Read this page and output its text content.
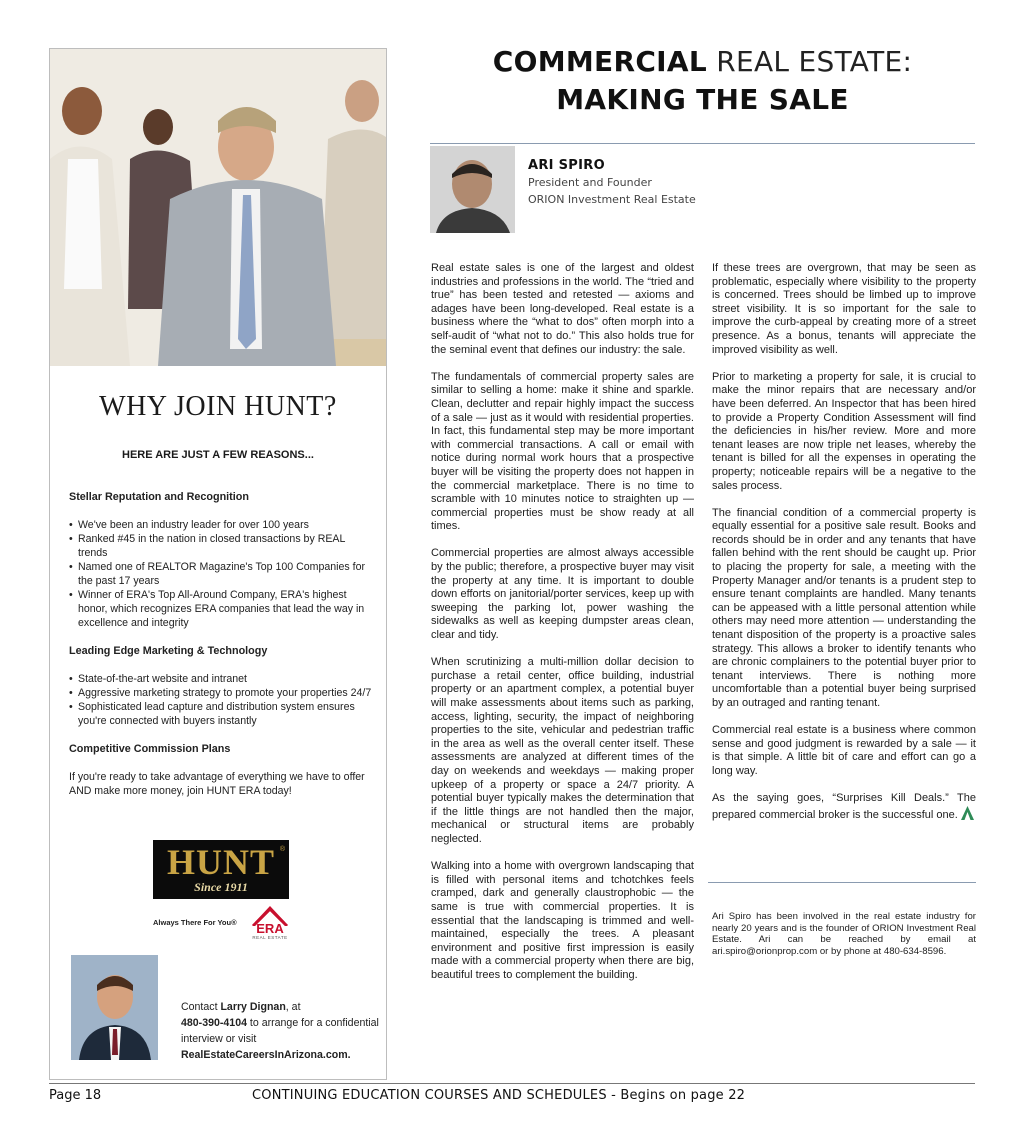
WHY JOIN HUNT?
HERE ARE JUST A FEW REASONS...
Stellar Reputation and Recognition
• We've been an industry leader for over 100 years
• Ranked #45 in the nation in closed transactions by REAL trends
• Named one of REALTOR Magazine's Top 100 Companies for the past 17 years
• Winner of ERA's Top All-Around Company, ERA's highest honor, which recognizes ERA companies that lead the way in excellence and integrity
Leading Edge Marketing & Technology
• State-of-the-art website and intranet
• Aggressive marketing strategy to promote your properties 24/7
• Sophisticated lead capture and distribution system ensures you're connected with buyers instantly
Competitive Commission Plans
If you're ready to take advantage of everything we have to offer AND make more money, join HUNT ERA today!
®
HUNT
Since 1911
Always There For You®	ERA
REAL ESTATE
Contact Larry Dignan, at
480-390-4104 to arrange for a confidential interview or visit
RealEstateCareersInArizona.com.
COMMERCIAL REAL ESTATE:
MAKING THE SALE
ARI SPIRO
President and Founder
ORION Investment Real Estate

Real estate sales is one of the largest and oldest industries and professions in the world. The “tried and true” has been tested and retested — axioms and adages have been long-developed. Real estate is a business where the “what to dos” often morph into a self-audit of “what not to do.” This also holds true for the seminal event that defines our industry: the sale.

The fundamentals of commercial property sales are similar to selling a home: make it shine and sparkle. Clean, declutter and repair highly impact the success of a sale — just as it would with residential properties. In fact, this fundamental step may be more important with commercial transactions. A call or email with notice during normal work hours that a prospective buyer will be visiting the property does not happen in the commercial marketplace. There is no time to scramble with 10 minutes notice to straighten up — commercial properties must be show ready at all times.

Commercial properties are almost always accessible by the public; therefore, a prospective buyer may visit the property at any time. It is important to double down efforts on janitorial/porter services, keep up with sweeping the parking lot, power washing the sidewalks as well as keeping dumpster areas clean, clear and tidy.

When scrutinizing a multi-million dollar decision to purchase a retail center, office building, industrial property or an apartment complex, a potential buyer will make assessments about items such as parking, access, lighting, security, the impact of neighboring properties to the site, vehicular and pedestrian traffic in the area as well as the overall center itself. These assessments are analyzed at different times of the day on weekends and weekdays — making proper upkeep of a property or space a 24/7 priority. A potential buyer typically makes the determination that if the little things are not handled then the major, mechanical or structural items are probably neglected.

Walking into a home with overgrown landscaping that is filled with personal items and tchotchkes feels cramped, dark and generally claustrophobic — the same is true with commercial properties. It is essential that the landscaping is trimmed and well-maintained, especially the trees. A pleasant environment and positive first impression is easily made with a commercial property when there are big, beautiful trees to complement the building.

If these trees are overgrown, that may be seen as problematic, especially where visibility to the property is concerned. Trees should be limbed up to improve street visibility. It is so important for the sale to improve the curb-appeal by creating more of a street presence. As a bonus, tenants will appreciate the improved visibility as well.

Prior to marketing a property for sale, it is crucial to make the minor repairs that are necessary and/or have been deferred. An Inspector that has been hired to provide a Property Condition Assessment will find the deficiencies in his/her review. More and more tenant leases are now triple net leases, whereby the tenant is billed for all the expenses in operating the property; noticeable repairs will be a negative to the sales process.

The financial condition of a commercial property is equally essential for a positive sale result. Books and records should be in order and any tenants that have fallen behind with the rent should be caught up. Prior to placing the property for sale, a meeting with the Property Manager and/or tenants is a prudent step to ensure tenant complaints are handled. Many tenants can be appeased with a little personal attention while others may need more attention — understanding the tenant disposition of the property is a proactive sales strategy. This allows a broker to identify tenants who are chronic complainers to the potential buyer prior to tenant interviews. There is nothing more uncomfortable than a potential buyer being surprised by an outraged and ranting tenant.

Commercial real estate is a business where common sense and good judgment is rewarded by a sale — it is that simple. A little bit of care and effort can go a long way.

As the saying goes, “Surprises Kill Deals.” The prepared commercial broker is the successful one.

Ari Spiro has been involved in the real estate industry for nearly 20 years and is the founder of ORION Investment Real Estate. Ari can be reached by email at ari.spiro@orionprop.com or by phone at 480-634-8596.
Page 18	CONTINUING EDUCATION COURSES AND SCHEDULES - Begins on page 22
